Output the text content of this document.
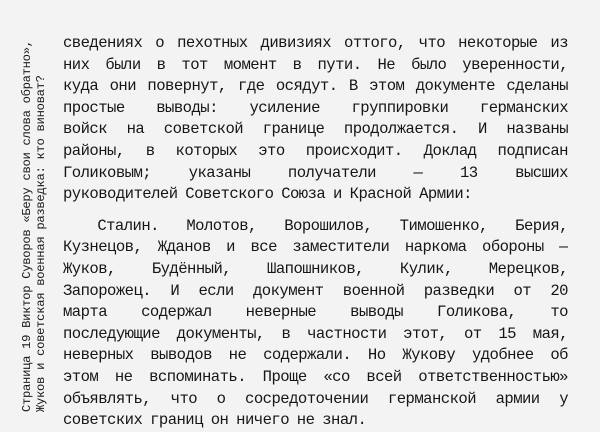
Страница 19 Виктор Суворов «Беру свои слова обратно», Жуков и советская военная разведка: кто виноват?
сведениях о пехотных дивизиях оттого, что некоторые из
них были в тот момент в пути. Не было уверенности,
куда они повернут, где осядут. В этом документе сделаны
простые выводы: усиление группировки германских
войск на советской границе продолжается. И названы
районы, в которых это происходит. Доклад подписан
Голиковым; указаны получатели — 13 высших
руководителей Советского Союза и Красной Армии:
Сталин. Молотов, Ворошилов, Тимошенко, Берия,
Кузнецов, Жданов и все заместители наркома обороны —
Жуков, Будённый, Шапошников, Кулик, Мерецков,
Запорожец. И если документ военной разведки от 20
марта содержал неверные выводы Голикова, то
последующие документы, в частности этот, от 15 мая,
неверных выводов не содержали. Но Жукову удобнее об
этом не вспоминать. Проще «со всей ответственностью»
объявлять, что о сосредоточении германской армии у
советских границ он ничего не знал.
